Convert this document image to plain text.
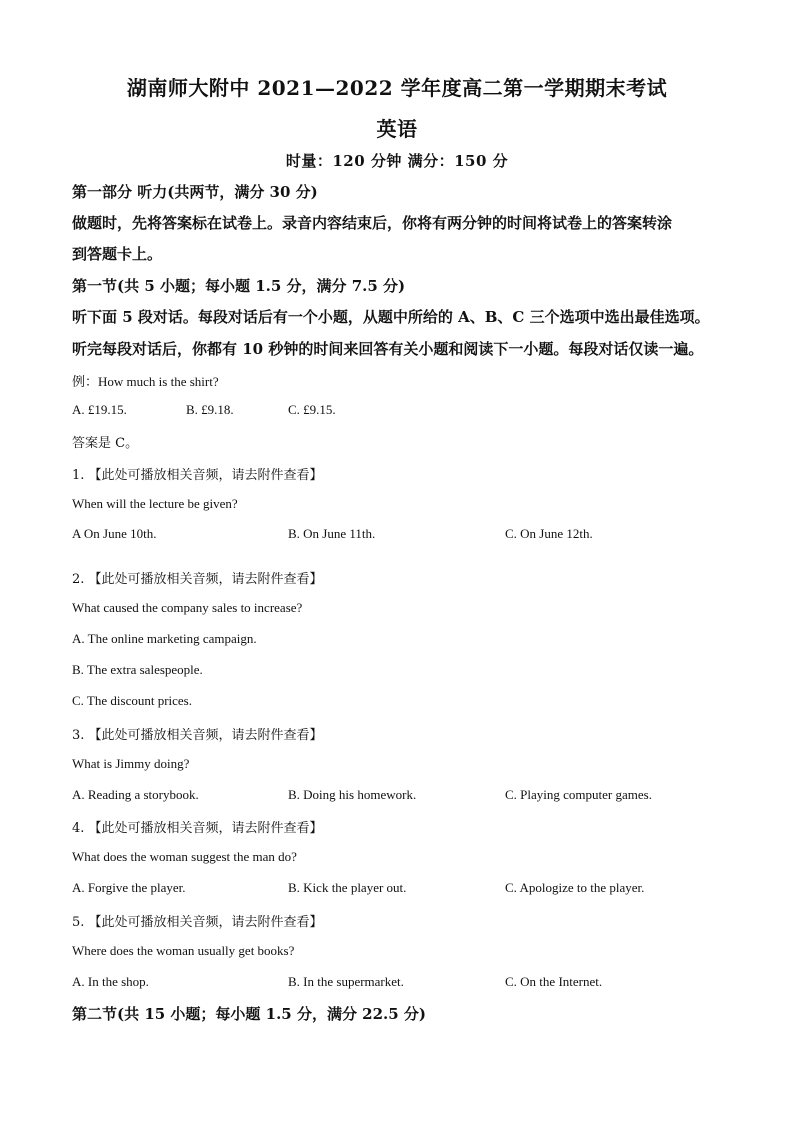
湖南师大附中 2021—2022 学年度高二第一学期期末考试
英语
时量：120 分钟 满分：150 分
第一部分 听力(共两节，满分 30 分)
做题时，先将答案标在试卷上。录音内容结束后，你将有两分钟的时间将试卷上的答案转涂
到答题卡上。
第一节(共 5 小题；每小题 1.5 分，满分 7.5 分)
听下面 5 段对话。每段对话后有一个小题，从题中所给的 A、B、C 三个选项中选出最佳选项。
听完每段对话后，你都有 10 秒钟的时间来回答有关小题和阅读下一小题。每段对话仅读一遍。
例：How much is the shirt?
A. £19.15.	B. £9.18.	C. £9.15.
答案是 C。
1. 【此处可播放相关音频，请去附件查看】
When will the lecture be given?
A On June 10th.	B. On June 11th.	C. On June 12th.
2. 【此处可播放相关音频，请去附件查看】
What caused the company sales to increase?
A. The online marketing campaign.
B. The extra salespeople.
C. The discount prices.
3. 【此处可播放相关音频，请去附件查看】
What is Jimmy doing?
A. Reading a storybook.	B. Doing his homework.	C. Playing computer games.
4. 【此处可播放相关音频，请去附件查看】
What does the woman suggest the man do?
A. Forgive the player.	B. Kick the player out.	C. Apologize to the player.
5. 【此处可播放相关音频，请去附件查看】
Where does the woman usually get books?
A. In the shop.	B. In the supermarket.	C. On the Internet.
第二节(共 15 小题；每小题 1.5 分，满分 22.5 分)
